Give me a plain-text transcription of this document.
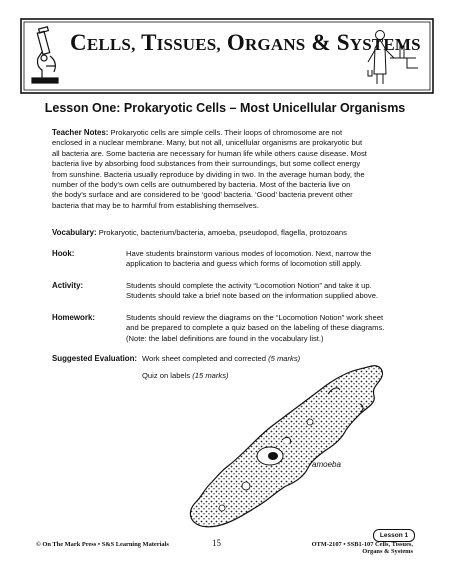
CELLS, TISSUES, ORGANS & SYSTEMS
Lesson One: Prokaryotic Cells – Most Unicellular Organisms
Teacher Notes: Prokaryotic cells are simple cells. Their loops of chromosome are not
enclosed in a nuclear membrane. Many, but not all, unicellular organisms are prokaryotic but
all bacteria are. Some bacteria are necessary for human life while others cause disease. Most
bacteria live by absorbing food substances from their surroundings, but some collect energy
from sunshine. Bacteria usually reproduce by dividing in two. In the average human body, the
number of the body’s own cells are outnumbered by bacteria. Most of the bacteria live on
the body’s surface and are considered to be ‘good’ bacteria. ‘Good’ bacteria prevent other
bacteria that may be to harmful from establishing themselves.
Vocabulary: Prokaryotic, bacterium/bacteria, amoeba, pseudopod, flagella, protozoans
Hook:	Have students brainstorm various modes of locomotion. Next, narrow the
application to bacteria and guess which forms of locomotion still apply.
Activity:	Students should complete the activity “Locomotion Notion” and take it up.
Students should take a brief note based on the information supplied above.
Homework:	Students should review the diagrams on the “Locomotion Notion” work sheet
and be prepared to complete a quiz based on the labeling of these diagrams.
(Note: the label definitions are found in the vocabulary list.)
Suggested Evaluation: Work sheet completed and corrected (5 marks)
Quiz on labels (15 marks)
amoeba
Lesson 1
© On The Mark Press • S&S Learning Materials	15	OTM-2107 • SSB1-107 Cells, Tissues,
Organs & Systems
